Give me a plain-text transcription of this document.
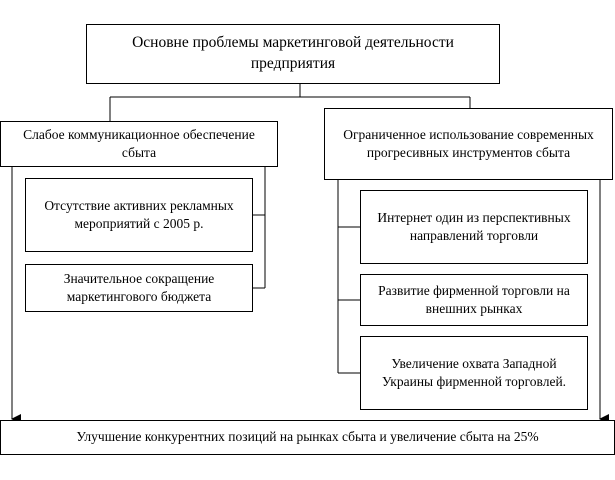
Основне проблемы маркетинговой деятельности предприятия
Слабое коммуникационное обеспечение сбыта
Ограниченное использование современных прогресивных инструментов сбыта
Отсутствие активних рекламных мероприятий с 2005 р.
Значительное сокращение маркетингового бюджета
Интернет один из перспективных направлений торговли
Развитие фирменной торговли на внешних рынках
Увеличение охвата Западной Украины фирменной торговлей.
Улучшение конкурентних позиций на рынках сбыта и увеличение сбыта на 25%
